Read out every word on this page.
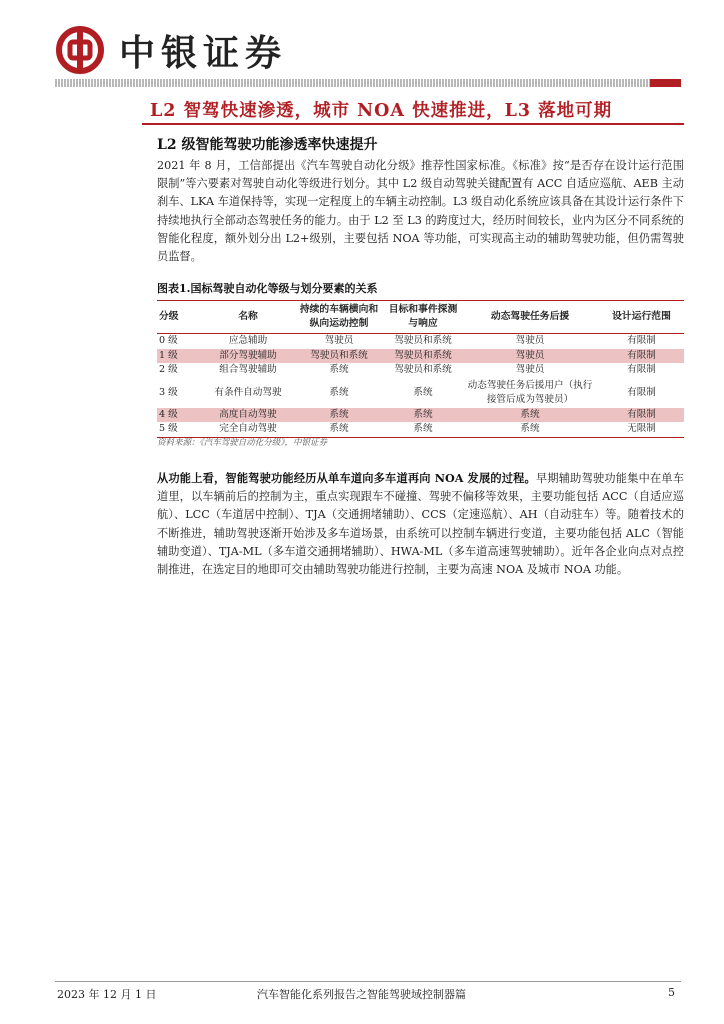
中银证券
L2 智驾快速渗透，城市 NOA 快速推进，L3 落地可期
L2 级智能驾驶功能渗透率快速提升
2021 年 8 月，工信部提出《汽车驾驶自动化分级》推荐性国家标准。《标准》按“是否存在设计运行范围限制”等六要素对驾驶自动化等级进行划分。其中 L2 级自动驾驶关键配置有 ACC 自适应巡航、AEB 主动刹车、LKA 车道保持等，实现一定程度上的车辆主动控制。L3 级自动化系统应该具备在其设计运行条件下持续地执行全部动态驾驶任务的能力。由于 L2 至 L3 的跨度过大，经历时间较长，业内为区分不同系统的智能化程度，额外划分出 L2+级别，主要包括 NOA 等功能，可实现高主动的辅助驾驶功能，但仍需驾驶员监督。
图表1.国标驾驶自动化等级与划分要素的关系
分级	名称	持续的车辆横向和纵向运动控制	目标和事件探测与响应	动态驾驶任务后援	设计运行范围
0 级	应急辅助	驾驶员	驾驶员和系统	驾驶员	有限制
1 级	部分驾驶辅助	驾驶员和系统	驾驶员和系统	驾驶员	有限制
2 级	组合驾驶辅助	系统	驾驶员和系统	驾驶员	有限制
3 级	有条件自动驾驶	系统	系统	动态驾驶任务后援用户（执行接管后成为驾驶员）	有限制
4 级	高度自动驾驶	系统	系统	系统	有限制
5 级	完全自动驾驶	系统	系统	系统	无限制
资料来源：《汽车驾驶自动化分级》，中银证券
从功能上看，智能驾驶功能经历从单车道向多车道再向 NOA 发展的过程。早期辅助驾驶功能集中在单车道里，以车辆前后的控制为主，重点实现跟车不碰撞、驾驶不偏移等效果，主要功能包括 ACC（自适应巡航）、LCC（车道居中控制）、TJA（交通拥堵辅助）、CCS（定速巡航）、AH（自动驻车）等。随着技术的不断推进，辅助驾驶逐渐开始涉及多车道场景，由系统可以控制车辆进行变道，主要功能包括 ALC（智能辅助变道）、TJA-ML（多车道交通拥堵辅助）、HWA-ML（多车道高速驾驶辅助）。近年各企业向点对点控制推进，在选定目的地即可交由辅助驾驶功能进行控制，主要为高速 NOA 及城市 NOA 功能。
2023 年 12 月 1 日	汽车智能化系列报告之智能驾驶域控制器篇	5
